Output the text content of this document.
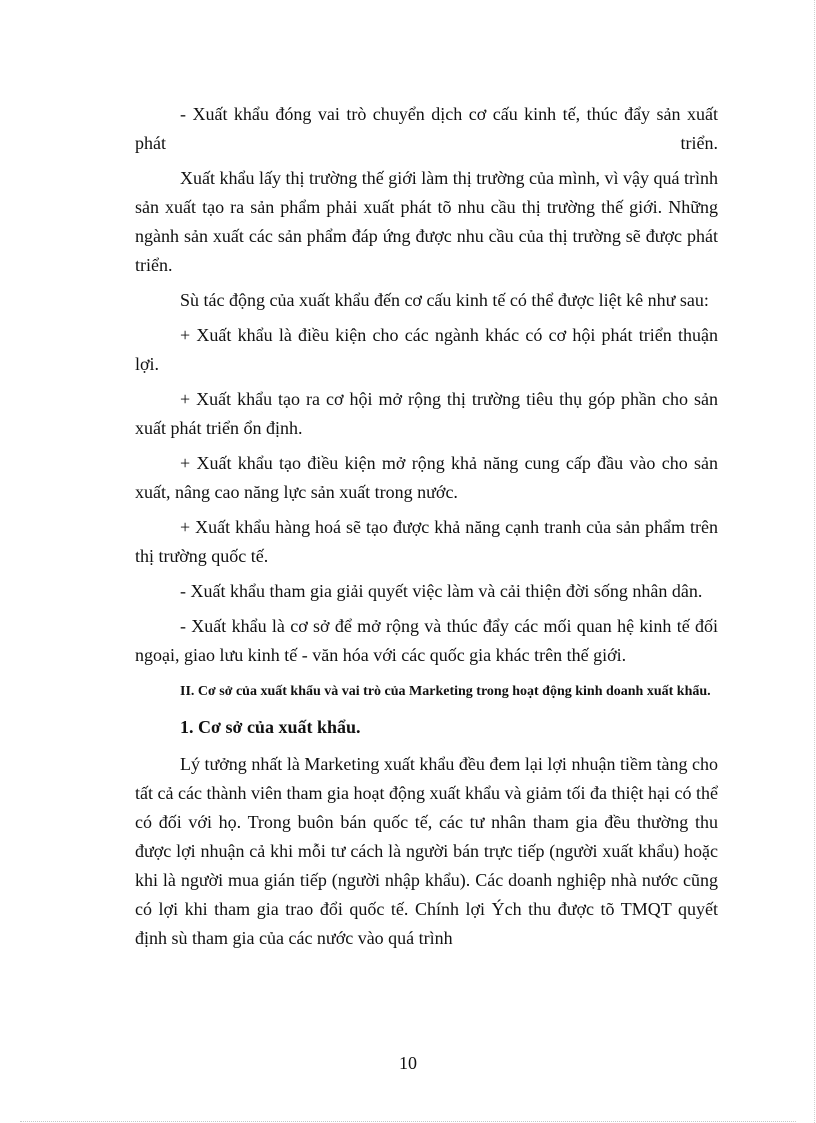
- Xuất khẩu đóng vai trò chuyển dịch cơ cấu kinh tế, thúc đẩy sản xuất phát triển.

Xuất khẩu lấy thị trường thế giới làm thị trường của mình, vì vậy quá trình sản xuất tạo ra sản phẩm phải xuất phát tõ nhu cầu thị trường thế giới. Những ngành sản xuất các sản phẩm đáp ứng được nhu cầu của thị trường sẽ được phát triển.

Sù tác động của xuất khẩu đến cơ cấu kinh tế có thể được liệt kê như sau:

+ Xuất khẩu là điều kiện cho các ngành khác có cơ hội phát triển thuận lợi.

+ Xuất khẩu tạo ra cơ hội mở rộng thị trường tiêu thụ góp phần cho sản xuất phát triển ổn định.

+ Xuất khẩu tạo điều kiện mở rộng khả năng cung cấp đầu vào cho sản xuất, nâng cao năng lực sản xuất trong nước.

+ Xuất khẩu hàng hoá sẽ tạo được khả năng cạnh tranh của sản phẩm trên thị trường quốc tế.

- Xuất khẩu tham gia giải quyết việc làm và cải thiện đời sống nhân dân.

- Xuất khẩu là cơ sở để mở rộng và thúc đẩy các mối quan hệ kinh tế đối ngoại, giao lưu kinh tế - văn hóa với các quốc gia khác trên thế giới.

II. Cơ sở của xuất khẩu và vai trò của Marketing trong hoạt động kinh doanh xuất khẩu.

1. Cơ sở của xuất khẩu.

Lý tưởng nhất là Marketing xuất khẩu đều đem lại lợi nhuận tiềm tàng cho tất cả các thành viên tham gia hoạt động xuất khẩu và giảm tối đa thiệt hại có thể có đối với họ. Trong buôn bán quốc tế, các tư nhân tham gia đều thường thu được lợi nhuận cả khi mỗi tư cách là người bán trực tiếp (người xuất khẩu) hoặc khi là người mua gián tiếp (người nhập khẩu). Các doanh nghiệp nhà nước cũng có lợi khi tham gia trao đổi quốc tế. Chính lợi Ých thu được tõ TMQT quyết định sù tham gia của các nước vào quá trình

10
